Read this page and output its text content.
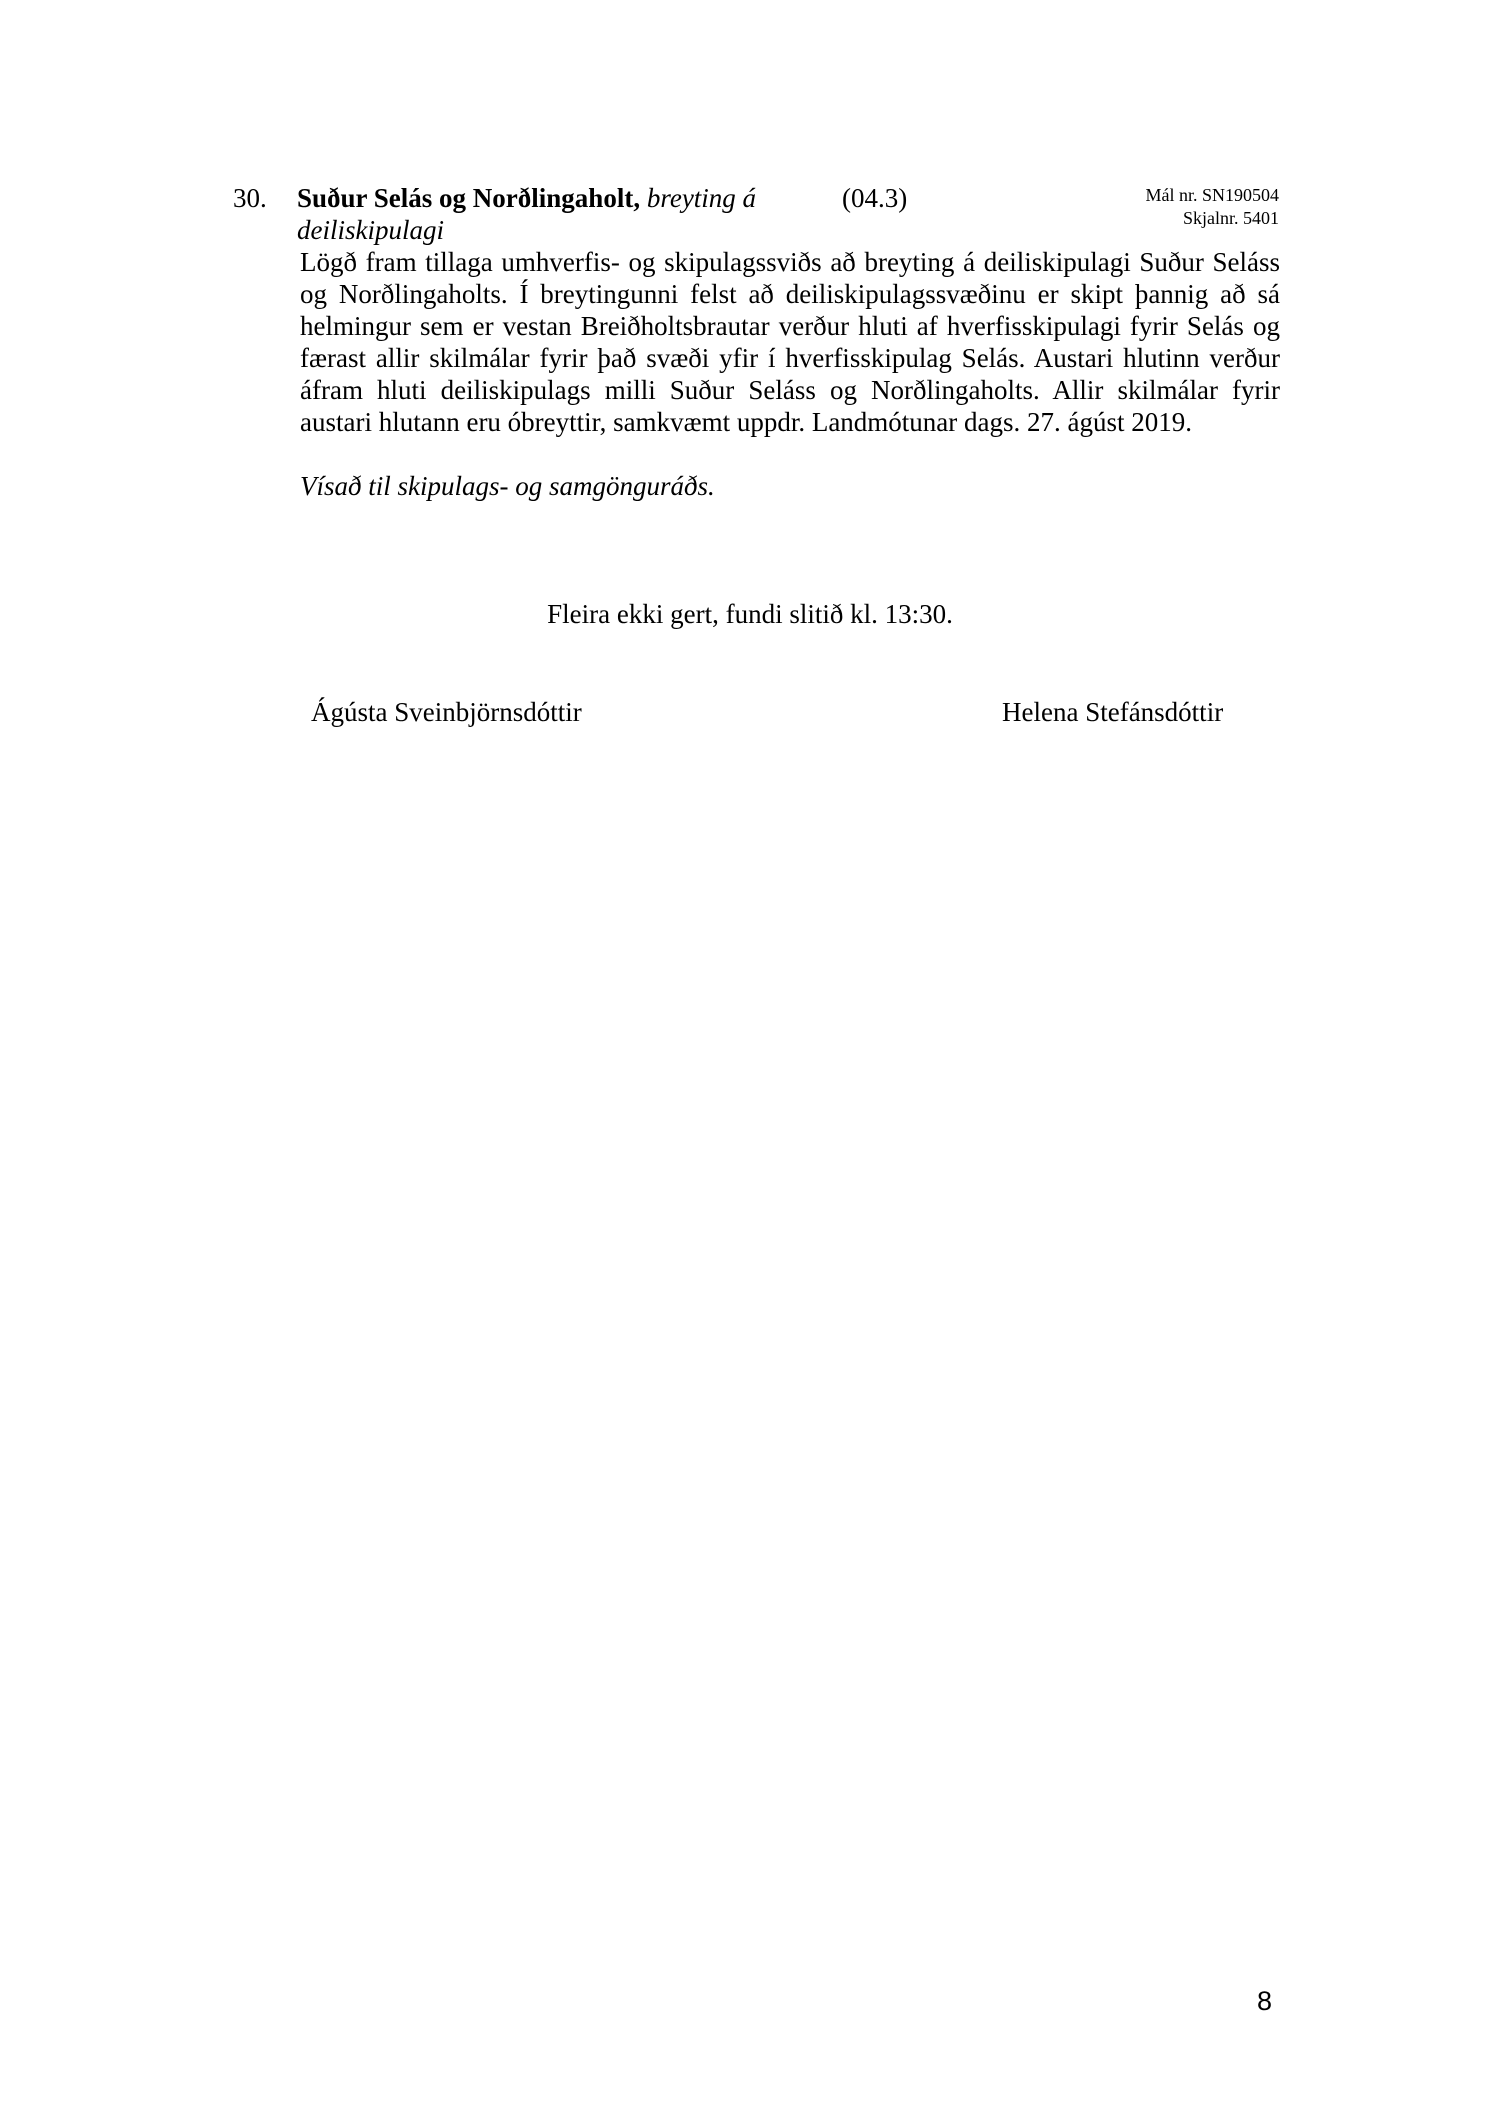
30. Suður Selás og Norðlingaholt, breyting á deiliskipulagi
(04.3)	Mál nr. SN190504
Skjalnr. 5401

Lögð fram tillaga umhverfis- og skipulagssviðs að breyting á deiliskipulagi Suður Seláss og Norðlingaholts. Í breytingunni felst að deiliskipulagssvæðinu er skipt þannig að sá helmingur sem er vestan Breiðholtsbrautar verður hluti af hverfisskipulagi fyrir Selás og færast allir skilmálar fyrir það svæði yfir í hverfisskipulag Selás. Austari hlutinn verður áfram hluti deiliskipulags milli Suður Seláss og Norðlingaholts. Allir skilmálar fyrir austari hlutann eru óbreyttir, samkvæmt uppdr. Landmótunar dags. 27. ágúst 2019.

Vísað til skipulags- og samgönguráðs.
Fleira ekki gert, fundi slitið kl. 13:30.
Ágústa Sveinbjörnsdóttir	Helena Stefánsdóttir
8
